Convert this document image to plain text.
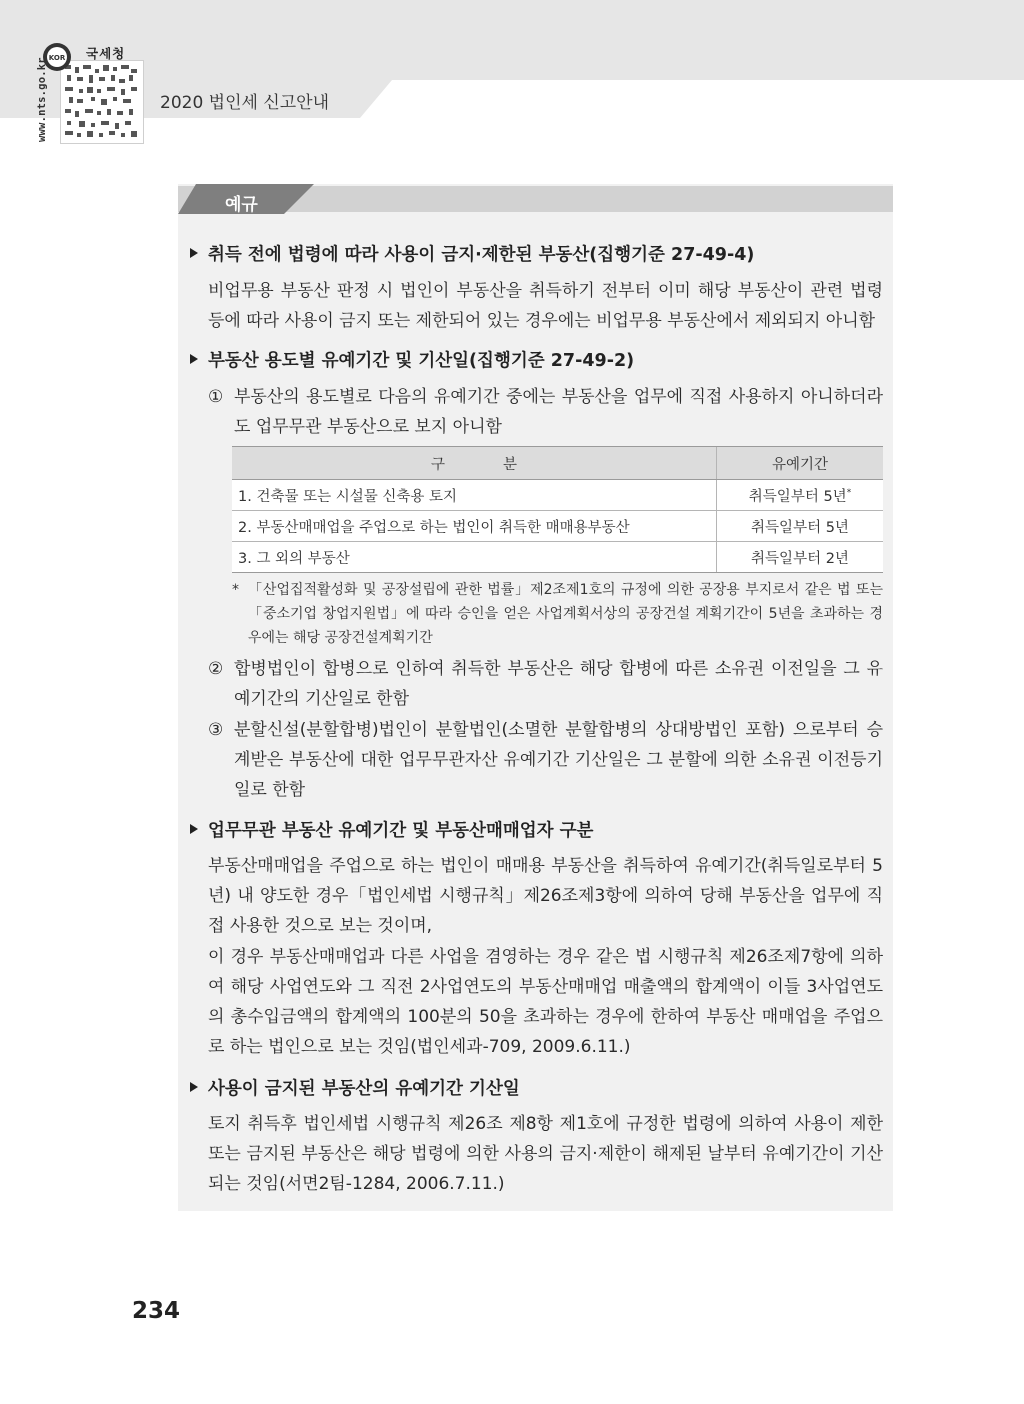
KOR 국세청
www.nts.go.kr	2020 법인세 신고안내
예규
취득 전에 법령에 따라 사용이 금지·제한된 부동산(집행기준 27-49-4)
비업무용 부동산 판정 시 법인이 부동산을 취득하기 전부터 이미 해당 부동산이 관련 법령 등에 따라 사용이 금지 또는 제한되어 있는 경우에는 비업무용 부동산에서 제외되지 아니함
부동산 용도별 유예기간 및 기산일(집행기준 27-49-2)
① 부동산의 용도별로 다음의 유예기간 중에는 부동산을 업무에 직접 사용하지 아니하더라도 업무무관 부동산으로 보지 아니함
구　　　　분	유예기간
1. 건축물 또는 시설물 신축용 토지	취득일부터 5년*
2. 부동산매매업을 주업으로 하는 법인이 취득한 매매용부동산	취득일부터 5년
3. 그 외의 부동산	취득일부터 2년
* 「산업집적활성화 및 공장설립에 관한 법률」제2조제1호의 규정에 의한 공장용 부지로서 같은 법 또는「중소기업 창업지원법」에 따라 승인을 얻은 사업계획서상의 공장건설 계획기간이 5년을 초과하는 경우에는 해당 공장건설계획기간
② 합병법인이 합병으로 인하여 취득한 부동산은 해당 합병에 따른 소유권 이전일을 그 유예기간의 기산일로 한함
③ 분할신설(분할합병)법인이 분할법인(소멸한 분할합병의 상대방법인 포함) 으로부터 승계받은 부동산에 대한 업무무관자산 유예기간 기산일은 그 분할에 의한 소유권 이전등기일로 한함
업무무관 부동산 유예기간 및 부동산매매업자 구분
부동산매매업을 주업으로 하는 법인이 매매용 부동산을 취득하여 유예기간(취득일로부터 5년) 내 양도한 경우「법인세법 시행규칙」제26조제3항에 의하여 당해 부동산을 업무에 직접 사용한 것으로 보는 것이며,
이 경우 부동산매매업과 다른 사업을 겸영하는 경우 같은 법 시행규칙 제26조제7항에 의하여 해당 사업연도와 그 직전 2사업연도의 부동산매매업 매출액의 합계액이 이들 3사업연도의 총수입금액의 합계액의 100분의 50을 초과하는 경우에 한하여 부동산 매매업을 주업으로 하는 법인으로 보는 것임(법인세과-709, 2009.6.11.)
사용이 금지된 부동산의 유예기간 기산일
토지 취득후 법인세법 시행규칙 제26조 제8항 제1호에 규정한 법령에 의하여 사용이 제한 또는 금지된 부동산은 해당 법령에 의한 사용의 금지·제한이 해제된 날부터 유예기간이 기산되는 것임(서면2팀-1284, 2006.7.11.)
234
